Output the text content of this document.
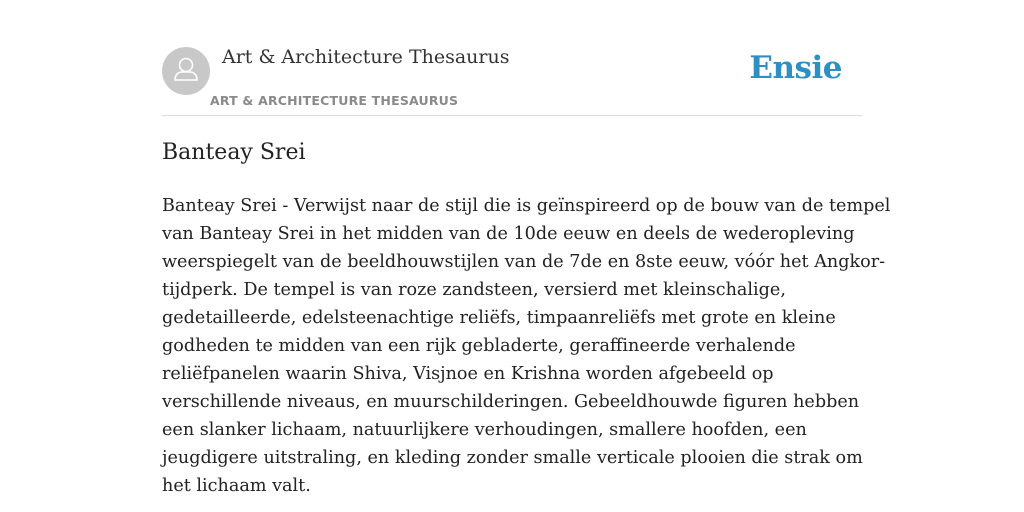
Art & Architecture Thesaurus
ART & ARCHITECTURE THESAURUS
Ensie
Banteay Srei

Banteay Srei - Verwijst naar de stijl die is geïnspireerd op de bouw van de tempel
van Banteay Srei in het midden van de 10de eeuw en deels de wederopleving
weerspiegelt van de beeldhouwstijlen van de 7de en 8ste eeuw, vóór het Angkor-
tijdperk. De tempel is van roze zandsteen, versierd met kleinschalige,
gedetailleerde, edelsteenachtige reliëfs, timpaanreliëfs met grote en kleine
godheden te midden van een rijk gebladerte, geraffineerde verhalende
reliëfpanelen waarin Shiva, Visjnoe en Krishna worden afgebeeld op
verschillende niveaus, en muurschilderingen. Gebeeldhouwde figuren hebben
een slanker lichaam, natuurlijkere verhoudingen, smallere hoofden, een
jeugdigere uitstraling, en kleding zonder smalle verticale plooien die strak om
het lichaam valt.
